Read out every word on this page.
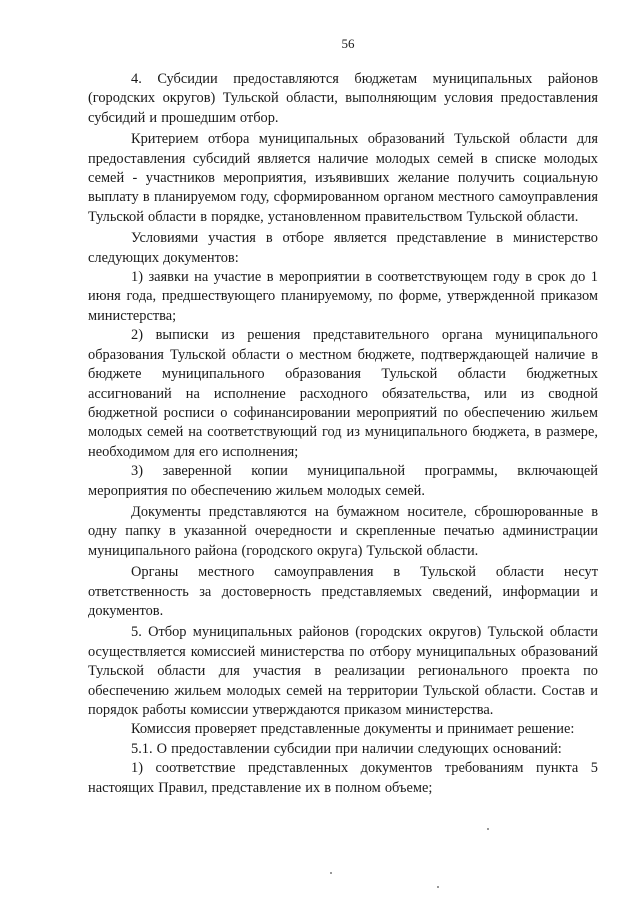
56

4. Субсидии предоставляются бюджетам муниципальных районов (городских округов) Тульской области, выполняющим условия предоставления субсидий и прошедшим отбор.

Критерием отбора муниципальных образований Тульской области для предоставления субсидий является наличие молодых семей в списке молодых семей - участников мероприятия, изъявивших желание получить социальную выплату в планируемом году, сформированном органом местного самоуправления Тульской области в порядке, установленном правительством Тульской области.

Условиями участия в отборе является представление в министерство следующих документов:

1) заявки на участие в мероприятии в соответствующем году в срок до 1 июня года, предшествующего планируемому, по форме, утвержденной приказом министерства;

2) выписки из решения представительного органа муниципального образования Тульской области о местном бюджете, подтверждающей наличие в бюджете муниципального образования Тульской области бюджетных ассигнований на исполнение расходного обязательства, или из сводной бюджетной росписи о софинансировании мероприятий по обеспечению жильем молодых семей на соответствующий год из муниципального бюджета, в размере, необходимом для его исполнения;

3) заверенной копии муниципальной программы, включающей мероприятия по обеспечению жильем молодых семей.

Документы представляются на бумажном носителе, сброшюрованные в одну папку в указанной очередности и скрепленные печатью администрации муниципального района (городского округа) Тульской области.

Органы местного самоуправления в Тульской области несут ответственность за достоверность представляемых сведений, информации и документов.

5. Отбор муниципальных районов (городских округов) Тульской области осуществляется комиссией министерства по отбору муниципальных образований Тульской области для участия в реализации регионального проекта по обеспечению жильем молодых семей на территории Тульской области. Состав и порядок работы комиссии утверждаются приказом министерства.

Комиссия проверяет представленные документы и принимает решение:

5.1. О предоставлении субсидии при наличии следующих оснований:

1) соответствие представленных документов требованиям пункта 5 настоящих Правил, представление их в полном объеме;
